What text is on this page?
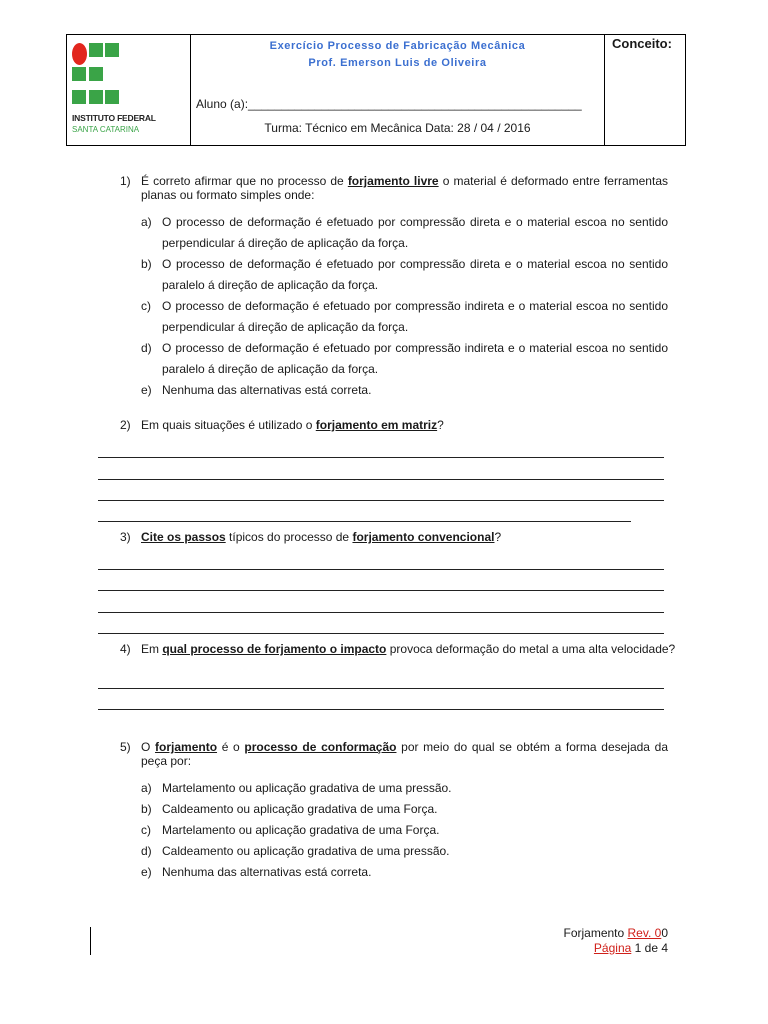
INSTITUTO FEDERAL
SANTA CATARINA
Exercício Processo de Fabricação Mecânica
Prof. Emerson Luis de Oliveira
Aluno (a):__________________________________________________
Turma: Técnico em Mecânica Data: 28 / 04 / 2016
Conceito:
1) É correto afirmar que no processo de forjamento livre o material é deformado entre ferramentas planas ou formato simples onde:
a) O processo de deformação é efetuado por compressão direta e o material escoa no sentido perpendicular á direção de aplicação da força.
b) O processo de deformação é efetuado por compressão direta e o material escoa no sentido paralelo á direção de aplicação da força.
c) O processo de deformação é efetuado por compressão indireta e o material escoa no sentido perpendicular á direção de aplicação da força.
d) O processo de deformação é efetuado por compressão indireta e o material escoa no sentido paralelo á direção de aplicação da força.
e) Nenhuma das alternativas está correta.
2) Em quais situações é utilizado o forjamento em matriz?
3) Cite os passos típicos do processo de forjamento convencional?
4) Em qual processo de forjamento o impacto provoca deformação do metal a uma alta velocidade?
5) O forjamento é o processo de conformação por meio do qual se obtém a forma desejada da peça por:
a) Martelamento ou aplicação gradativa de uma pressão.
b) Caldeamento ou aplicação gradativa de uma Força.
c) Martelamento ou aplicação gradativa de uma Força.
d) Caldeamento ou aplicação gradativa de uma pressão.
e) Nenhuma das alternativas está correta.
Forjamento Rev. 00
Página 1 de 4
